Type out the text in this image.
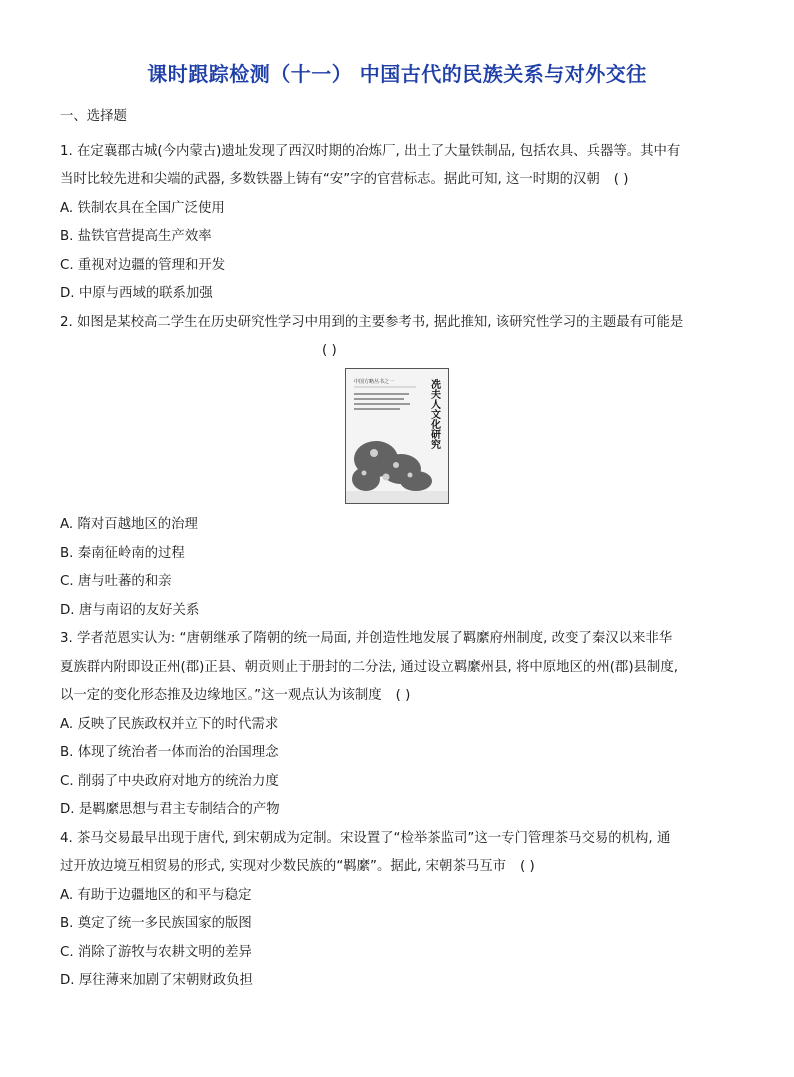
课时跟踪检测（十一） 中国古代的民族关系与对外交往
一、选择题
1. 在定襄郡古城(今内蒙古)遗址发现了西汉时期的冶炼厂, 出土了大量铁制品, 包括农具、兵器等。其中有
当时比较先进和尖端的武器, 多数铁器上铸有“安”字的官营标志。据此可知, 这一时期的汉朝 ( )
A. 铁制农具在全国广泛使用
B. 盐铁官营提高生产效率
C. 重视对边疆的管理和开发
D. 中原与西域的联系加强
2. 如图是某校高二学生在历史研究性学习中用到的主要参考书, 据此推知, 该研究性学习的主题最有可能是
( )
中国方略丛书之一	冼夫人文化研究
A. 隋对百越地区的治理
B. 秦南征岭南的过程
C. 唐与吐蕃的和亲
D. 唐与南诏的友好关系
3. 学者范恩实认为: “唐朝继承了隋朝的统一局面, 并创造性地发展了羁縻府州制度, 改变了秦汉以来非华
夏族群内附即设正州(郡)正县、朝贡则止于册封的二分法, 通过设立羁縻州县, 将中原地区的州(郡)县制度,
以一定的变化形态推及边缘地区。”这一观点认为该制度 ( )
A. 反映了民族政权并立下的时代需求
B. 体现了统治者一体而治的治国理念
C. 削弱了中央政府对地方的统治力度
D. 是羁縻思想与君主专制结合的产物
4. 茶马交易最早出现于唐代, 到宋朝成为定制。宋设置了“检举茶监司”这一专门管理茶马交易的机构, 通
过开放边境互相贸易的形式, 实现对少数民族的“羁縻”。据此, 宋朝茶马互市 ( )
A. 有助于边疆地区的和平与稳定
B. 奠定了统一多民族国家的版图
C. 消除了游牧与农耕文明的差异
D. 厚往薄来加剧了宋朝财政负担
